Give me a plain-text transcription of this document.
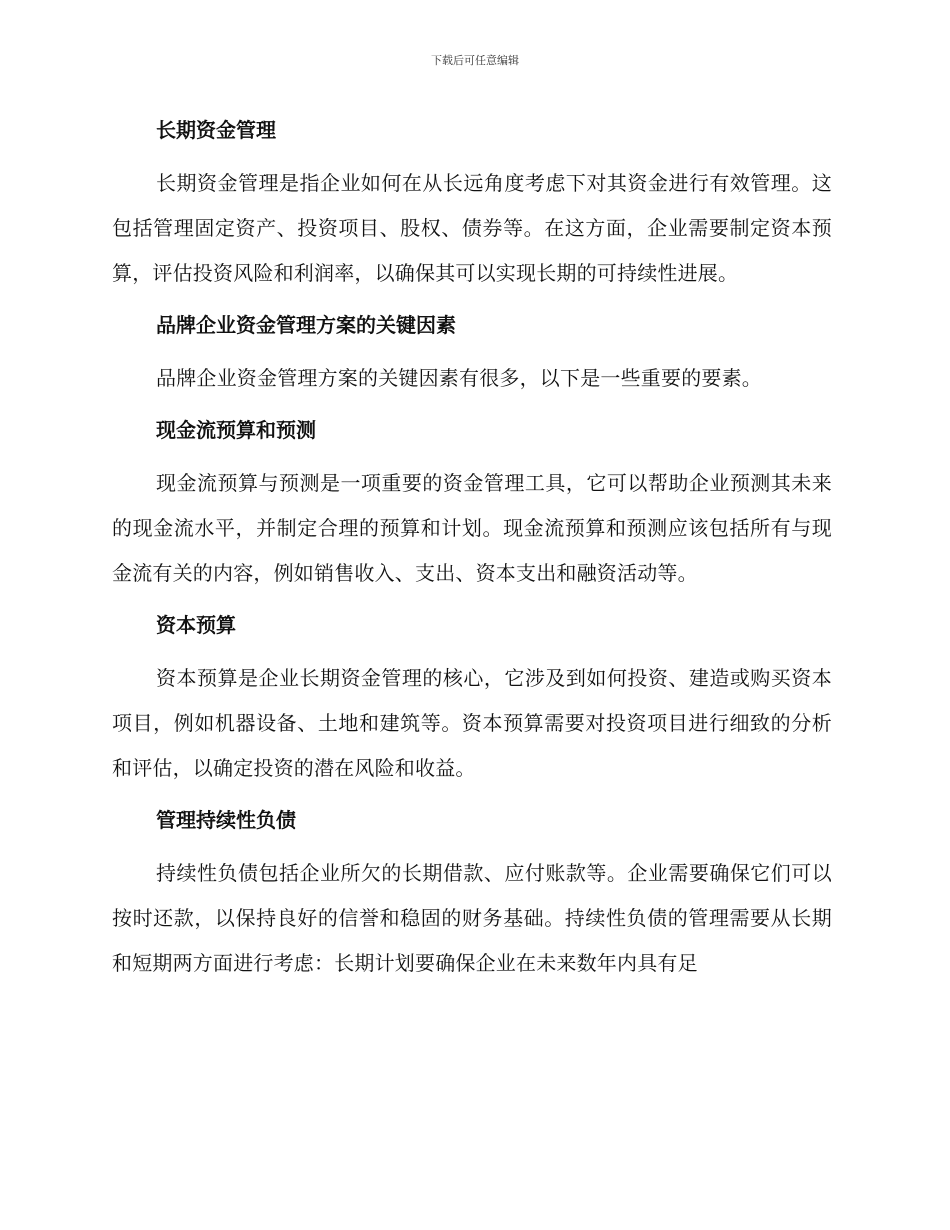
下载后可任意编辑
长期资金管理

长期资金管理是指企业如何在从长远角度考虑下对其资金进行有效管理。这包括管理固定资产、投资项目、股权、债券等。在这方面，企业需要制定资本预算，评估投资风险和利润率，以确保其可以实现长期的可持续性进展。

品牌企业资金管理方案的关键因素

品牌企业资金管理方案的关键因素有很多，以下是一些重要的要素。

现金流预算和预测

现金流预算与预测是一项重要的资金管理工具，它可以帮助企业预测其未来的现金流水平，并制定合理的预算和计划。现金流预算和预测应该包括所有与现金流有关的内容，例如销售收入、支出、资本支出和融资活动等。

资本预算

资本预算是企业长期资金管理的核心，它涉及到如何投资、建造或购买资本项目，例如机器设备、土地和建筑等。资本预算需要对投资项目进行细致的分析和评估，以确定投资的潜在风险和收益。

管理持续性负债

持续性负债包括企业所欠的长期借款、应付账款等。企业需要确保它们可以按时还款，以保持良好的信誉和稳固的财务基础。持续性负债的管理需要从长期和短期两方面进行考虑：长期计划要确保企业在未来数年内具有足
